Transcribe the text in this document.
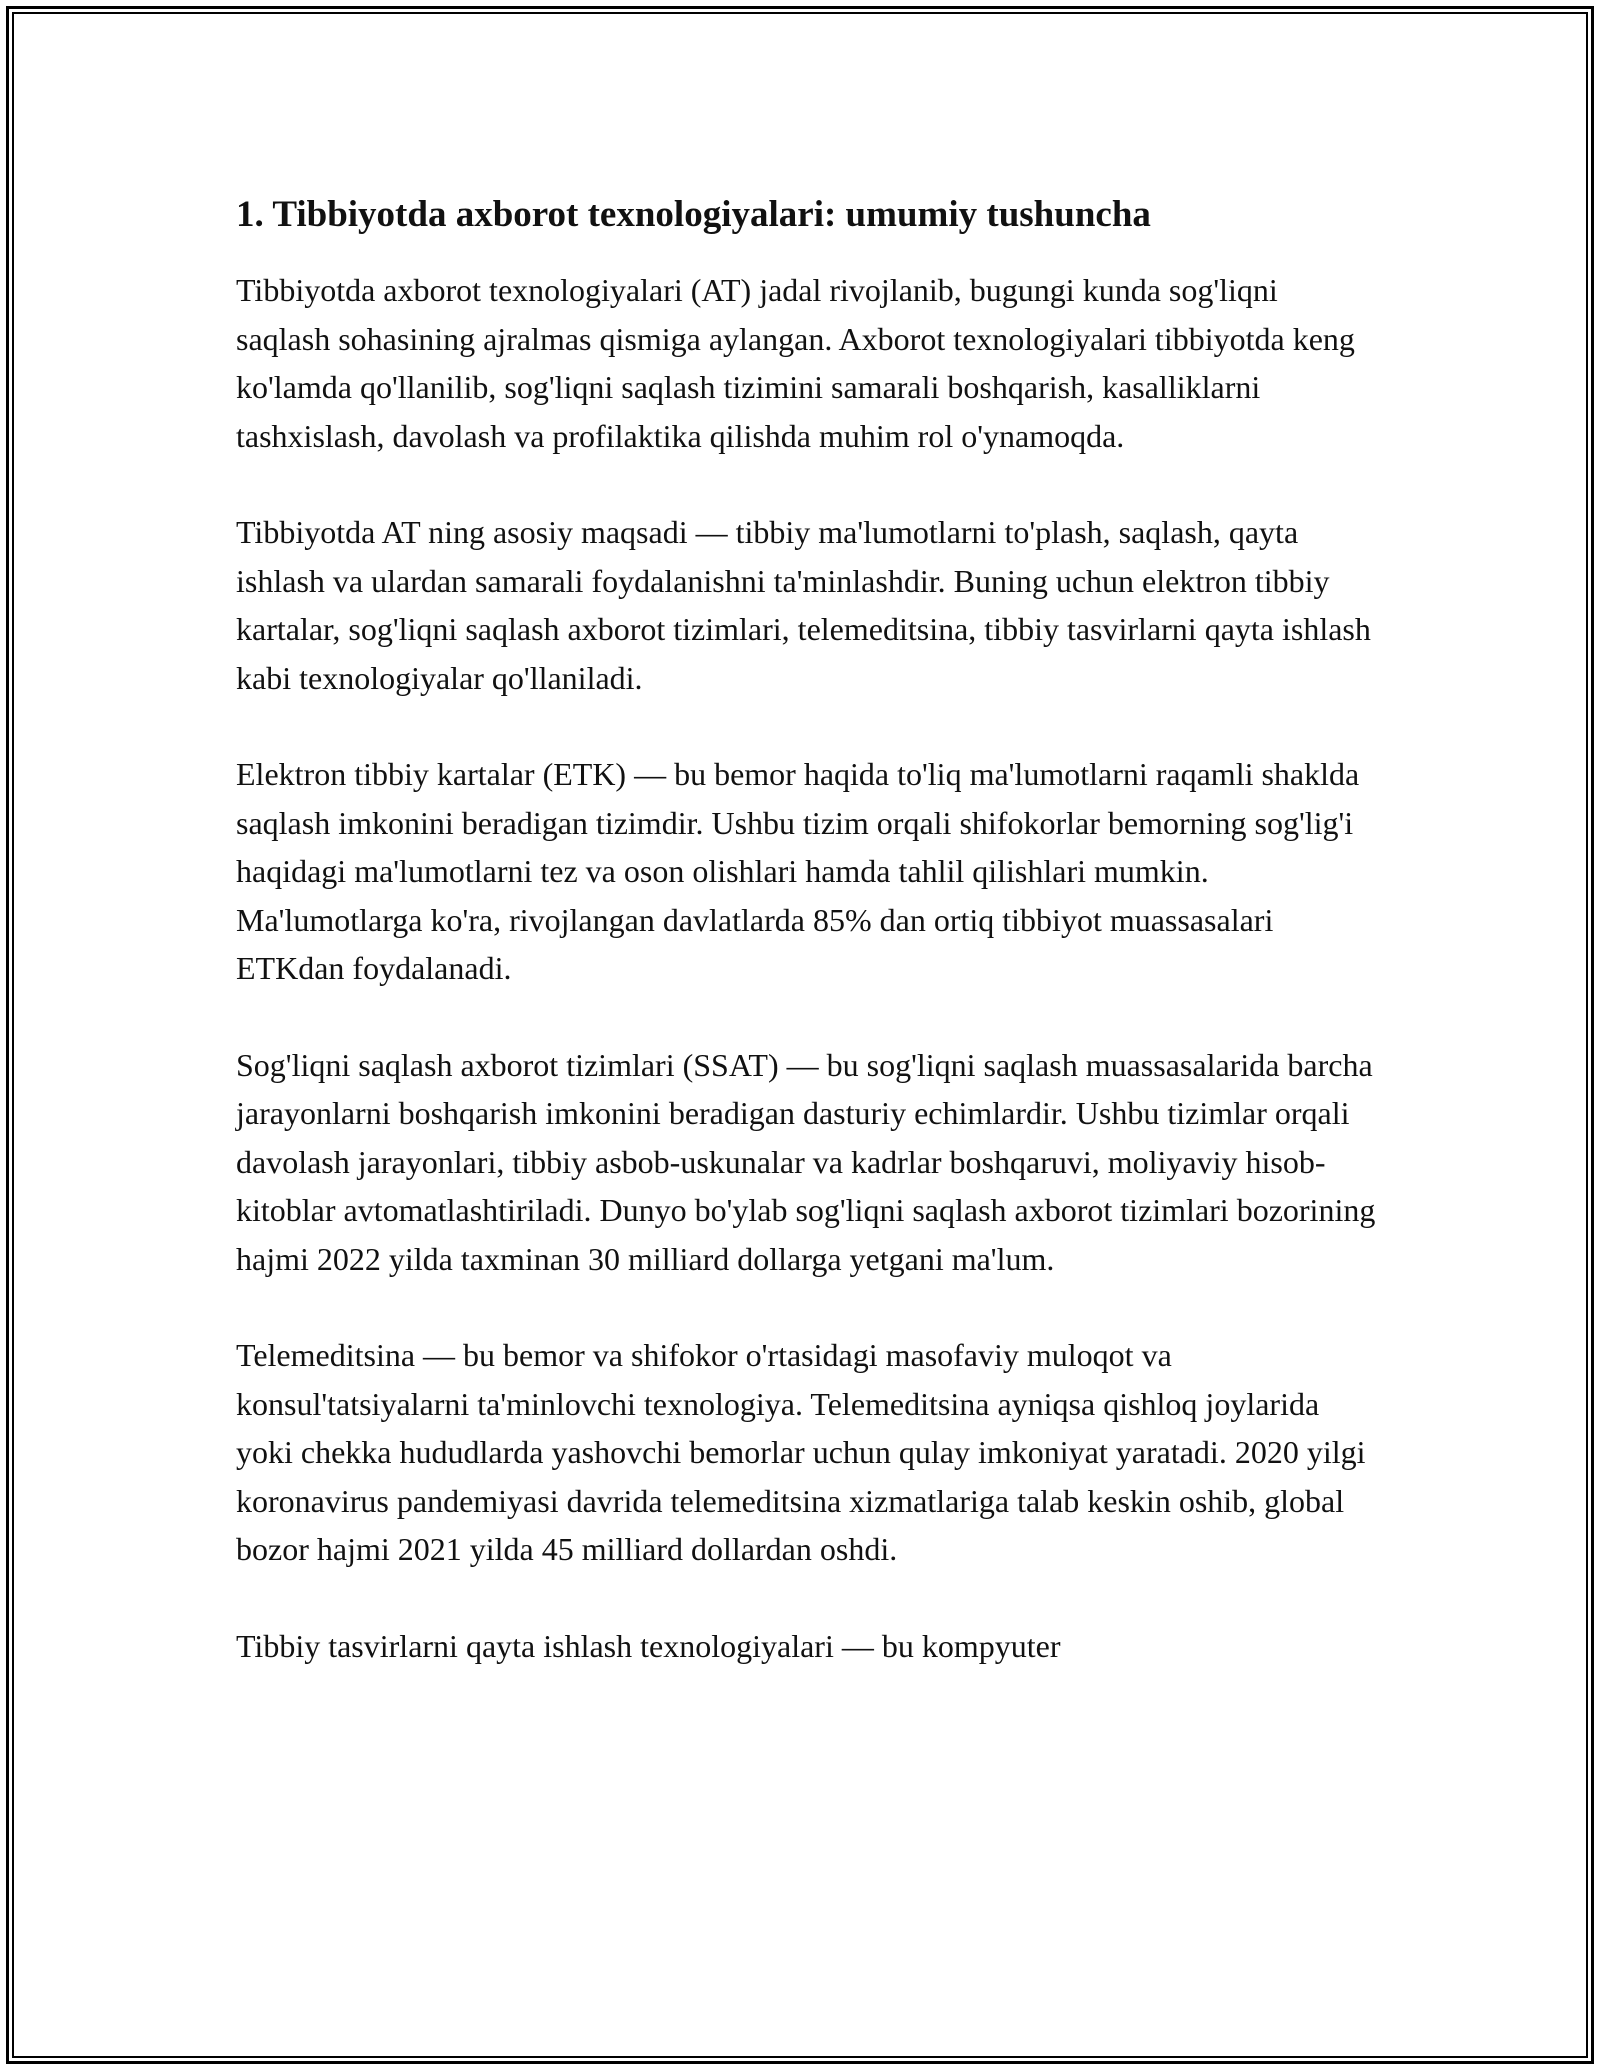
1. Tibbiyotda axborot texnologiyalari: umumiy tushuncha

Tibbiyotda axborot texnologiyalari (AT) jadal rivojlanib, bugungi kunda sog'liqni saqlash sohasining ajralmas qismiga aylangan. Axborot texnologiyalari tibbiyotda keng ko'lamda qo'llanilib, sog'liqni saqlash tizimini samarali boshqarish, kasalliklarni tashxislash, davolash va profilaktika qilishda muhim rol o'ynamoqda.

Tibbiyotda AT ning asosiy maqsadi — tibbiy ma'lumotlarni to'plash, saqlash, qayta ishlash va ulardan samarali foydalanishni ta'minlashdir. Buning uchun elektron tibbiy kartalar, sog'liqni saqlash axborot tizimlari, telemeditsina, tibbiy tasvirlarni qayta ishlash kabi texnologiyalar qo'llaniladi.

Elektron tibbiy kartalar (ETK) — bu bemor haqida to'liq ma'lumotlarni raqamli shaklda saqlash imkonini beradigan tizimdir. Ushbu tizim orqali shifokorlar bemorning sog'lig'i haqidagi ma'lumotlarni tez va oson olishlari hamda tahlil qilishlari mumkin. Ma'lumotlarga ko'ra, rivojlangan davlatlarda 85% dan ortiq tibbiyot muassasalari ETKdan foydalanadi.

Sog'liqni saqlash axborot tizimlari (SSAT) — bu sog'liqni saqlash muassasalarida barcha jarayonlarni boshqarish imkonini beradigan dasturiy echimlardir. Ushbu tizimlar orqali davolash jarayonlari, tibbiy asbob-uskunalar va kadrlar boshqaruvi, moliyaviy hisob-kitoblar avtomatlashtiriladi. Dunyo bo'ylab sog'liqni saqlash axborot tizimlari bozorining hajmi 2022 yilda taxminan 30 milliard dollarga yetgani ma'lum.

Telemeditsina — bu bemor va shifokor o'rtasidagi masofaviy muloqot va konsul'tatsiyalarni ta'minlovchi texnologiya. Telemeditsina ayniqsa qishloq joylarida yoki chekka hududlarda yashovchi bemorlar uchun qulay imkoniyat yaratadi. 2020 yilgi koronavirus pandemiyasi davrida telemeditsina xizmatlariga talab keskin oshib, global bozor hajmi 2021 yilda 45 milliard dollardan oshdi.

Tibbiy tasvirlarni qayta ishlash texnologiyalari — bu kompyuter
